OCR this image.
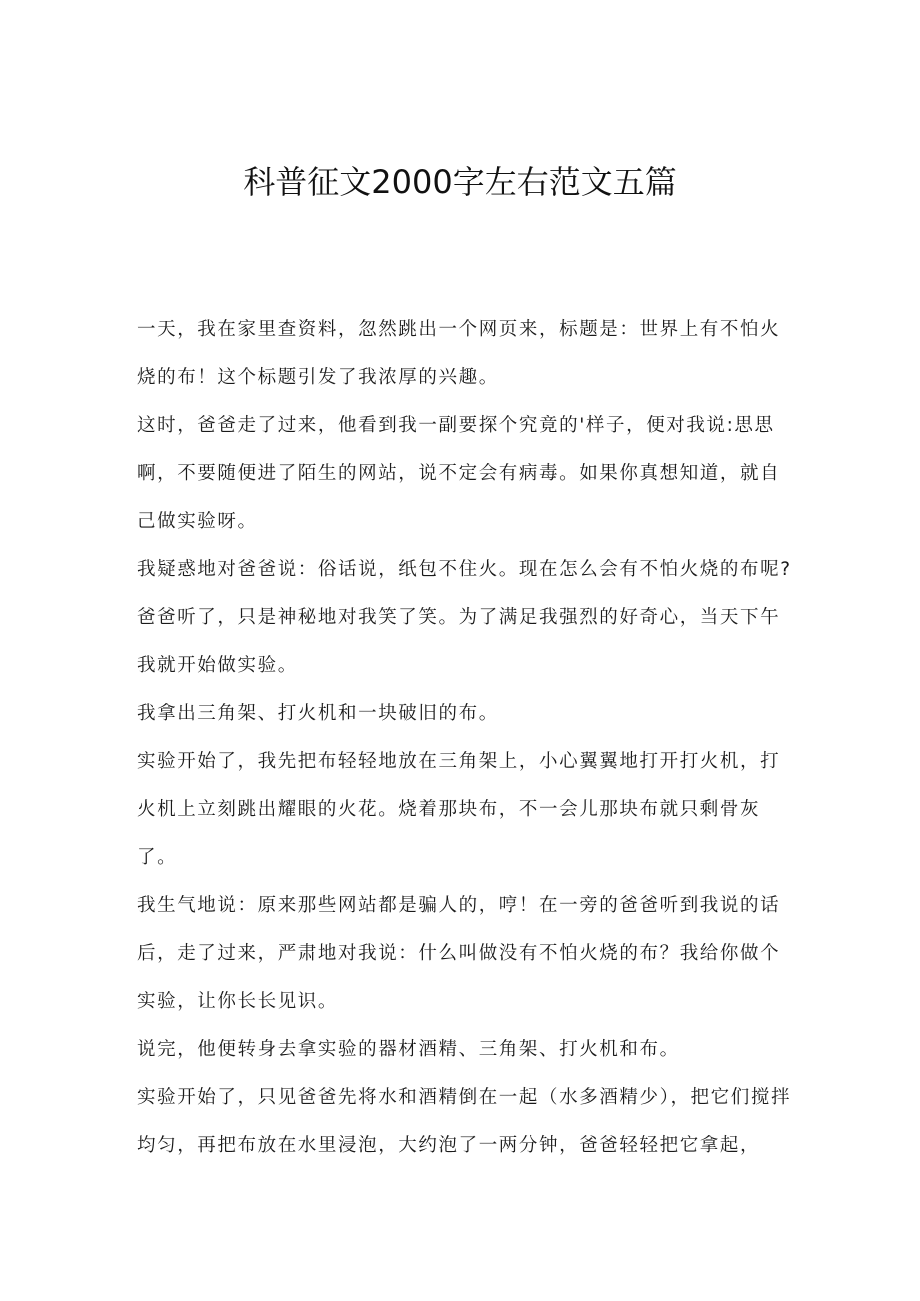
科普征文2000字左右范文五篇

一天，我在家里查资料，忽然跳出一个网页来，标题是：世界上有不怕火烧的布！这个标题引发了我浓厚的兴趣。

这时，爸爸走了过来，他看到我一副要探个究竟的'样子，便对我说:思思啊，不要随便进了陌生的网站，说不定会有病毒。如果你真想知道，就自己做实验呀。

我疑惑地对爸爸说：俗话说，纸包不住火。现在怎么会有不怕火烧的布呢?爸爸听了，只是神秘地对我笑了笑。为了满足我强烈的好奇心，当天下午我就开始做实验。

我拿出三角架、打火机和一块破旧的布。

实验开始了，我先把布轻轻地放在三角架上，小心翼翼地打开打火机，打火机上立刻跳出耀眼的火花。烧着那块布，不一会儿那块布就只剩骨灰了。

我生气地说：原来那些网站都是骗人的，哼！在一旁的爸爸听到我说的话后，走了过来，严肃地对我说：什么叫做没有不怕火烧的布？我给你做个实验，让你长长见识。

说完，他便转身去拿实验的器材酒精、三角架、打火机和布。

实验开始了，只见爸爸先将水和酒精倒在一起（水多酒精少），把它们搅拌均匀，再把布放在水里浸泡，大约泡了一两分钟，爸爸轻轻把它拿起，
